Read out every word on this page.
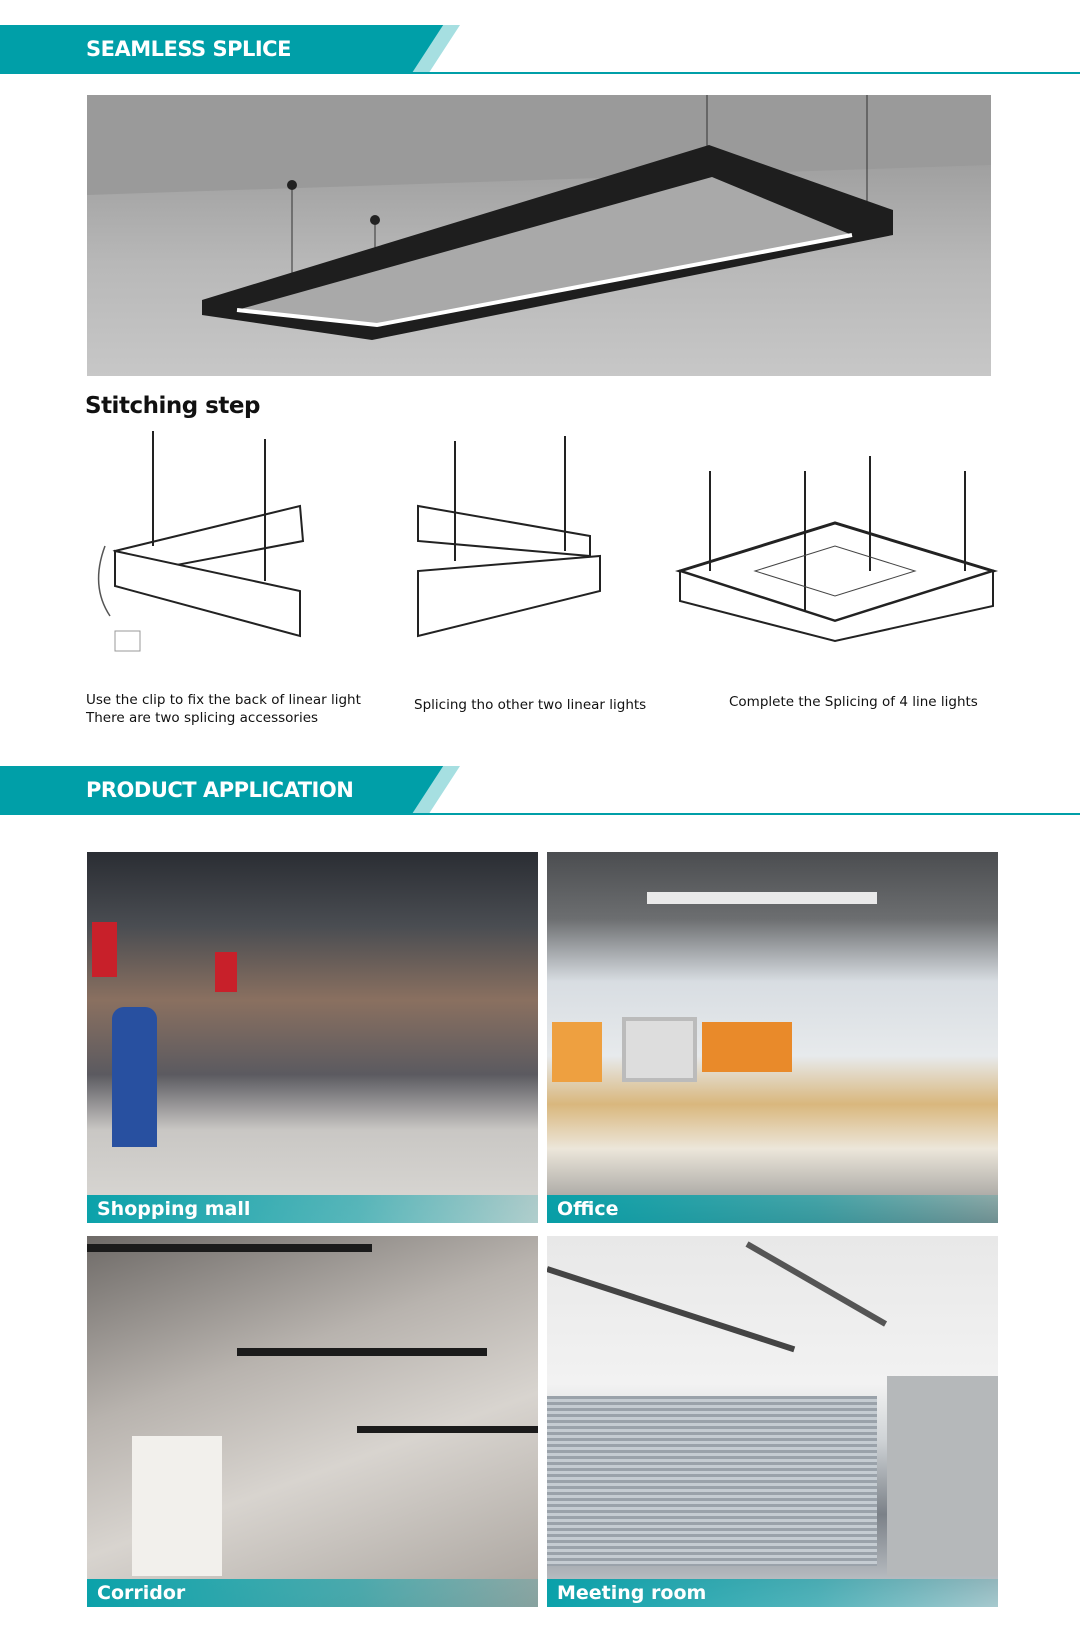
SEAMLESS SPLICE
Stitching step
Use the clip to fix the back of linear light
There are two splicing accessories
Splicing tho other two linear lights	Complete the Splicing of 4 line lights
PRODUCT APPLICATION
Shopping mall	Office
Corridor	Meeting room
